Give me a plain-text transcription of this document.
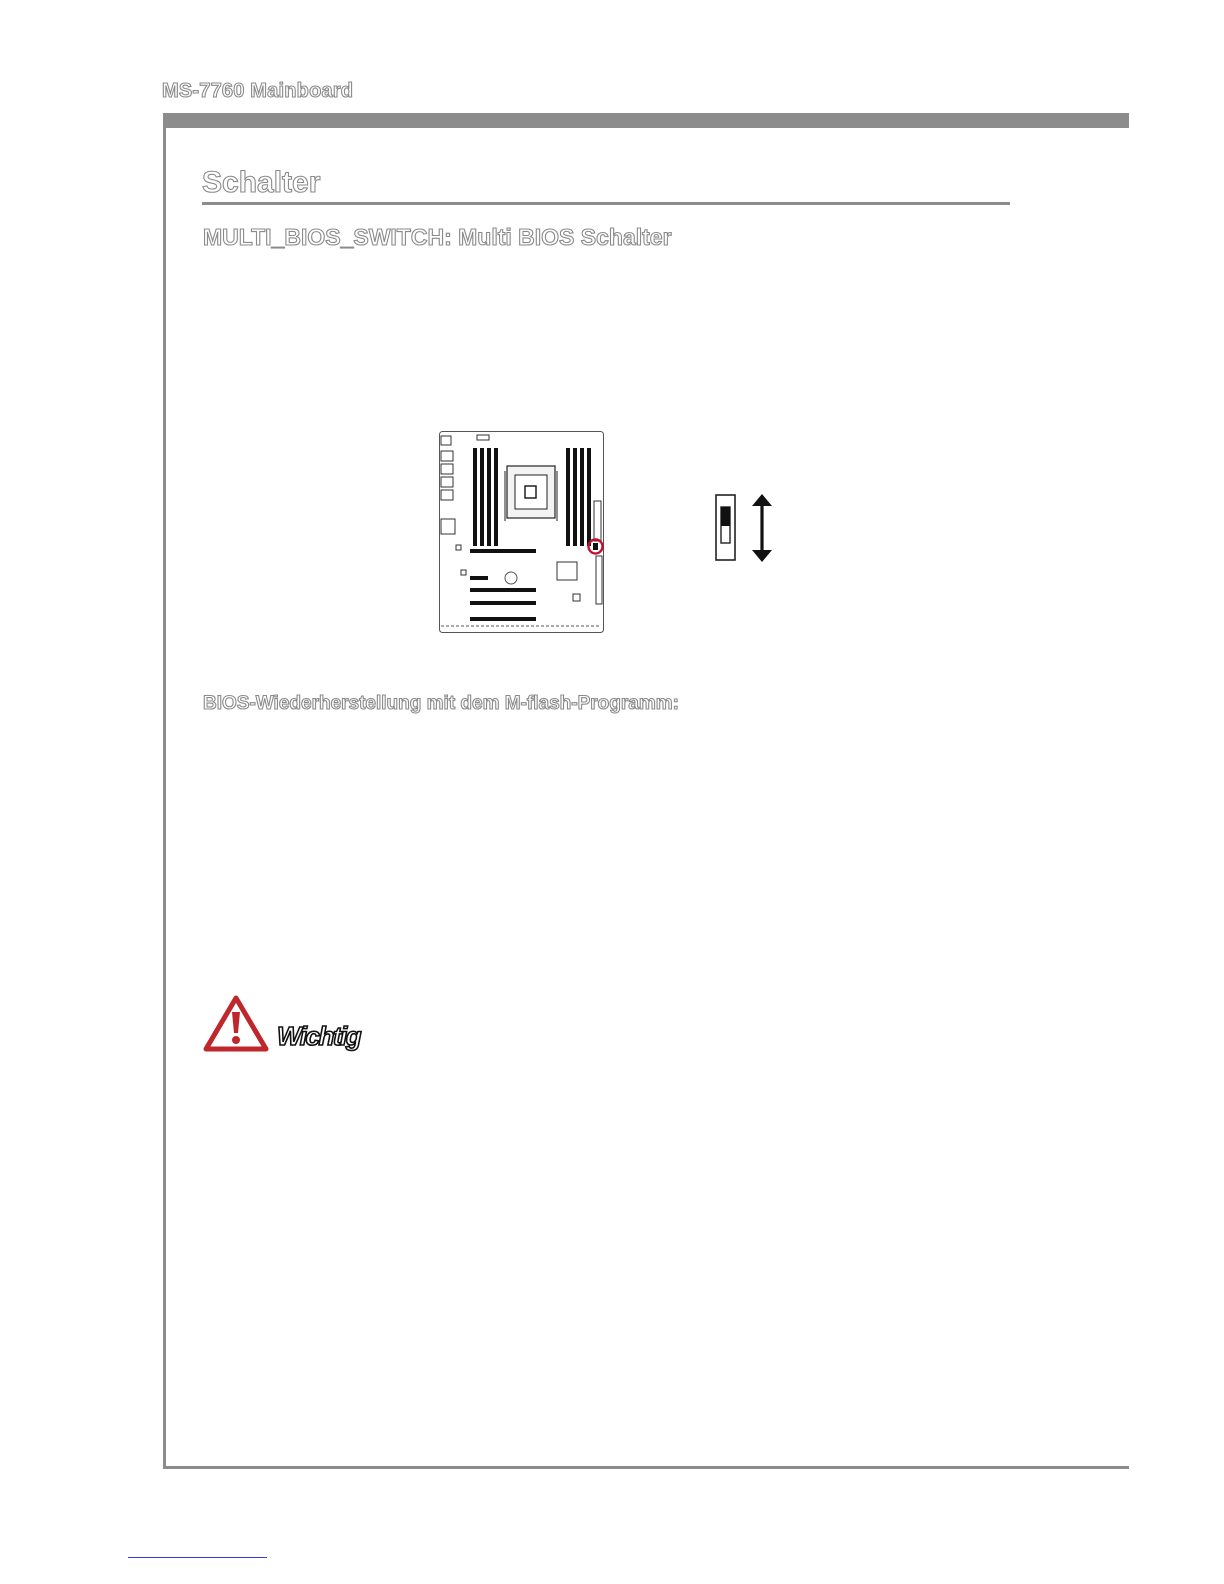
MS-7760 Mainboard
Schalter
MULTI_BIOS_SWITCH: Multi BIOS Schalter
BIOS-Wiederherstellung mit dem M-flash-Programm:
Wichtig
